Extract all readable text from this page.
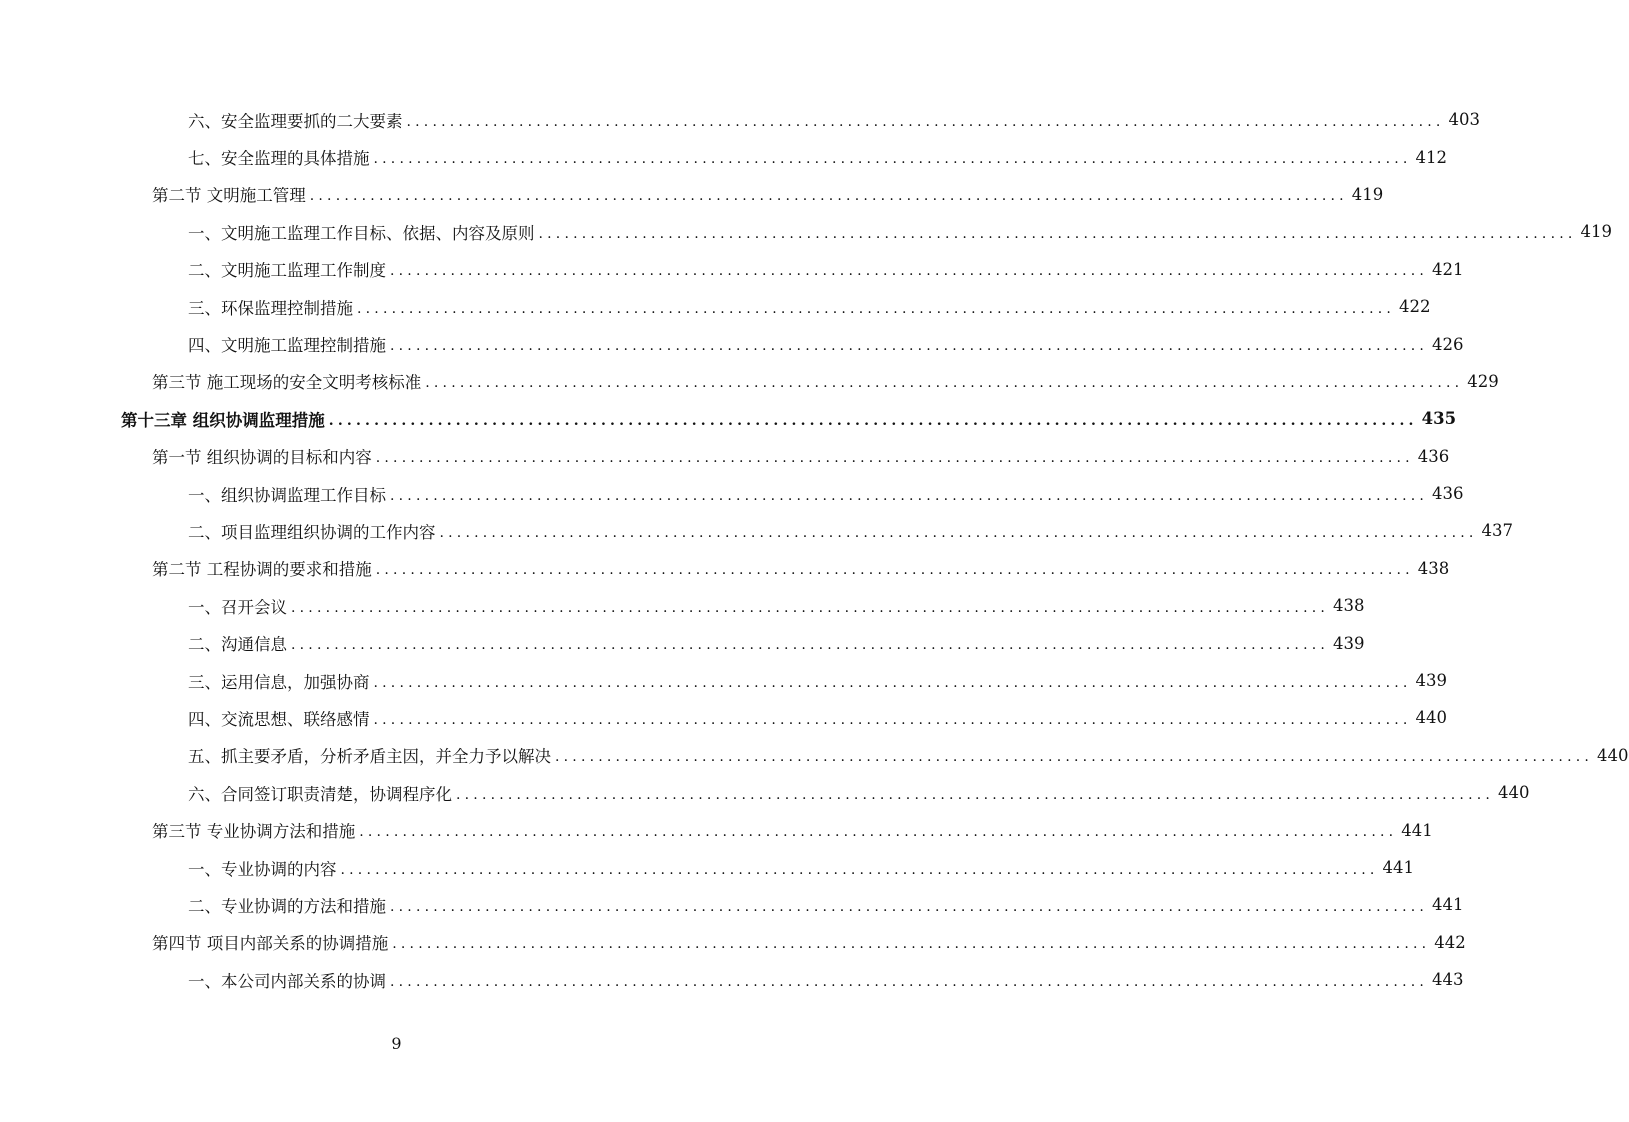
六、安全监理要抓的二大要素 ........................................................................................................................ 403
七、安全监理的具体措施 ........................................................................................................................ 412
第二节 文明施工管理 ........................................................................................................................ 419
一、文明施工监理工作目标、依据、内容及原则 ........................................................................................................................ 419
二、文明施工监理工作制度 ........................................................................................................................ 421
三、环保监理控制措施 ........................................................................................................................ 422
四、文明施工监理控制措施 ........................................................................................................................ 426
第三节 施工现场的安全文明考核标准 ........................................................................................................................ 429
第十三章 组织协调监理措施 ........................................................................................................................ 435
第一节 组织协调的目标和内容 ........................................................................................................................ 436
一、组织协调监理工作目标 ........................................................................................................................ 436
二、项目监理组织协调的工作内容 ........................................................................................................................ 437
第二节 工程协调的要求和措施 ........................................................................................................................ 438
一、召开会议 ........................................................................................................................ 438
二、沟通信息 ........................................................................................................................ 439
三、运用信息，加强协商 ........................................................................................................................ 439
四、交流思想、联络感情 ........................................................................................................................ 440
五、抓主要矛盾，分析矛盾主因，并全力予以解决 ........................................................................................................................ 440
六、合同签订职责清楚，协调程序化 ........................................................................................................................ 440
第三节 专业协调方法和措施 ........................................................................................................................ 441
一、专业协调的内容 ........................................................................................................................ 441
二、专业协调的方法和措施 ........................................................................................................................ 441
第四节 项目内部关系的协调措施 ........................................................................................................................ 442
一、本公司内部关系的协调 ........................................................................................................................ 443
9
